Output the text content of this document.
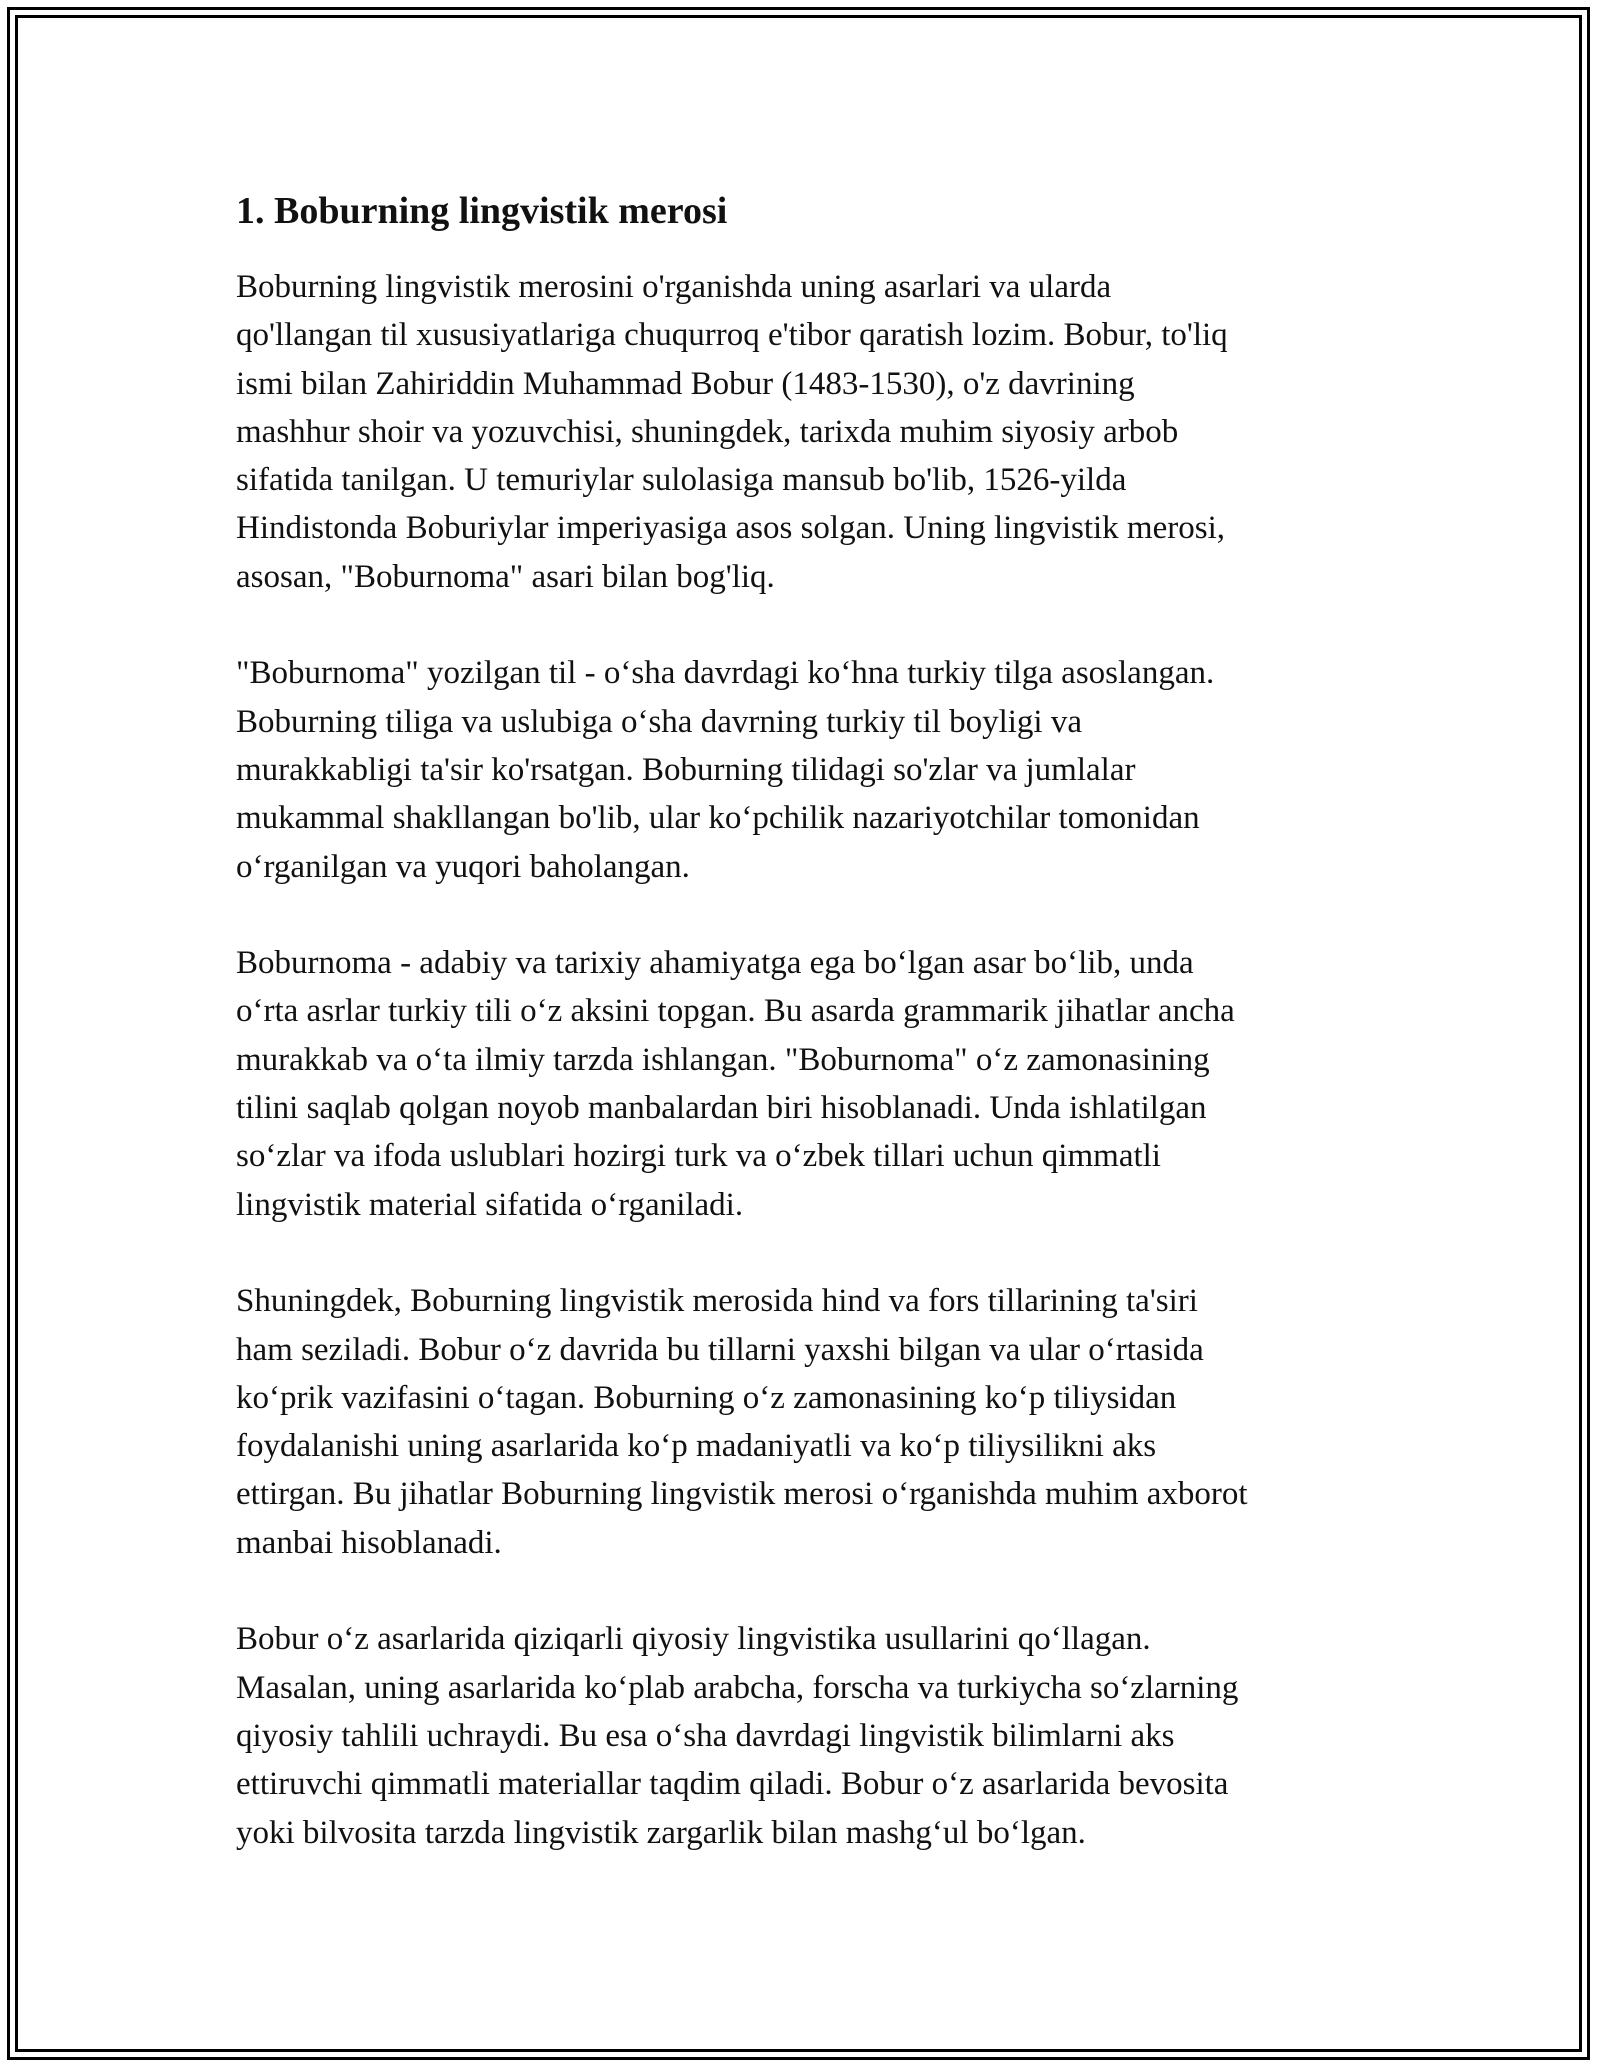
1. Boburning lingvistik merosi
Boburning lingvistik merosini o'rganishda uning asarlari va ularda
qo'llangan til xususiyatlariga chuqurroq e'tibor qaratish lozim. Bobur, to'liq
ismi bilan Zahiriddin Muhammad Bobur (1483-1530), o'z davrining
mashhur shoir va yozuvchisi, shuningdek, tarixda muhim siyosiy arbob
sifatida tanilgan. U temuriylar sulolasiga mansub bo'lib, 1526-yilda
Hindistonda Boburiylar imperiyasiga asos solgan. Uning lingvistik merosi,
asosan, "Boburnoma" asari bilan bog'liq.
"Boburnoma" yozilgan til - o‘sha davrdagi ko‘hna turkiy tilga asoslangan.
Boburning tiliga va uslubiga o‘sha davrning turkiy til boyligi va
murakkabligi ta'sir ko'rsatgan. Boburning tilidagi so'zlar va jumlalar
mukammal shakllangan bo'lib, ular ko‘pchilik nazariyotchilar tomonidan
o‘rganilgan va yuqori baholangan.
Boburnoma - adabiy va tarixiy ahamiyatga ega bo‘lgan asar bo‘lib, unda
o‘rta asrlar turkiy tili o‘z aksini topgan. Bu asarda grammarik jihatlar ancha
murakkab va o‘ta ilmiy tarzda ishlangan. "Boburnoma" o‘z zamonasining
tilini saqlab qolgan noyob manbalardan biri hisoblanadi. Unda ishlatilgan
so‘zlar va ifoda uslublari hozirgi turk va o‘zbek tillari uchun qimmatli
lingvistik material sifatida o‘rganiladi.
Shuningdek, Boburning lingvistik merosida hind va fors tillarining ta'siri
ham seziladi. Bobur o‘z davrida bu tillarni yaxshi bilgan va ular o‘rtasida
ko‘prik vazifasini o‘tagan. Boburning o‘z zamonasining ko‘p tiliysidan
foydalanishi uning asarlarida ko‘p madaniyatli va ko‘p tiliysilikni aks
ettirgan. Bu jihatlar Boburning lingvistik merosi o‘rganishda muhim axborot
manbai hisoblanadi.
Bobur o‘z asarlarida qiziqarli qiyosiy lingvistika usullarini qo‘llagan.
Masalan, uning asarlarida ko‘plab arabcha, forscha va turkiycha so‘zlarning
qiyosiy tahlili uchraydi. Bu esa o‘sha davrdagi lingvistik bilimlarni aks
ettiruvchi qimmatli materiallar taqdim qiladi. Bobur o‘z asarlarida bevosita
yoki bilvosita tarzda lingvistik zargarlik bilan mashg‘ul bo‘lgan.
